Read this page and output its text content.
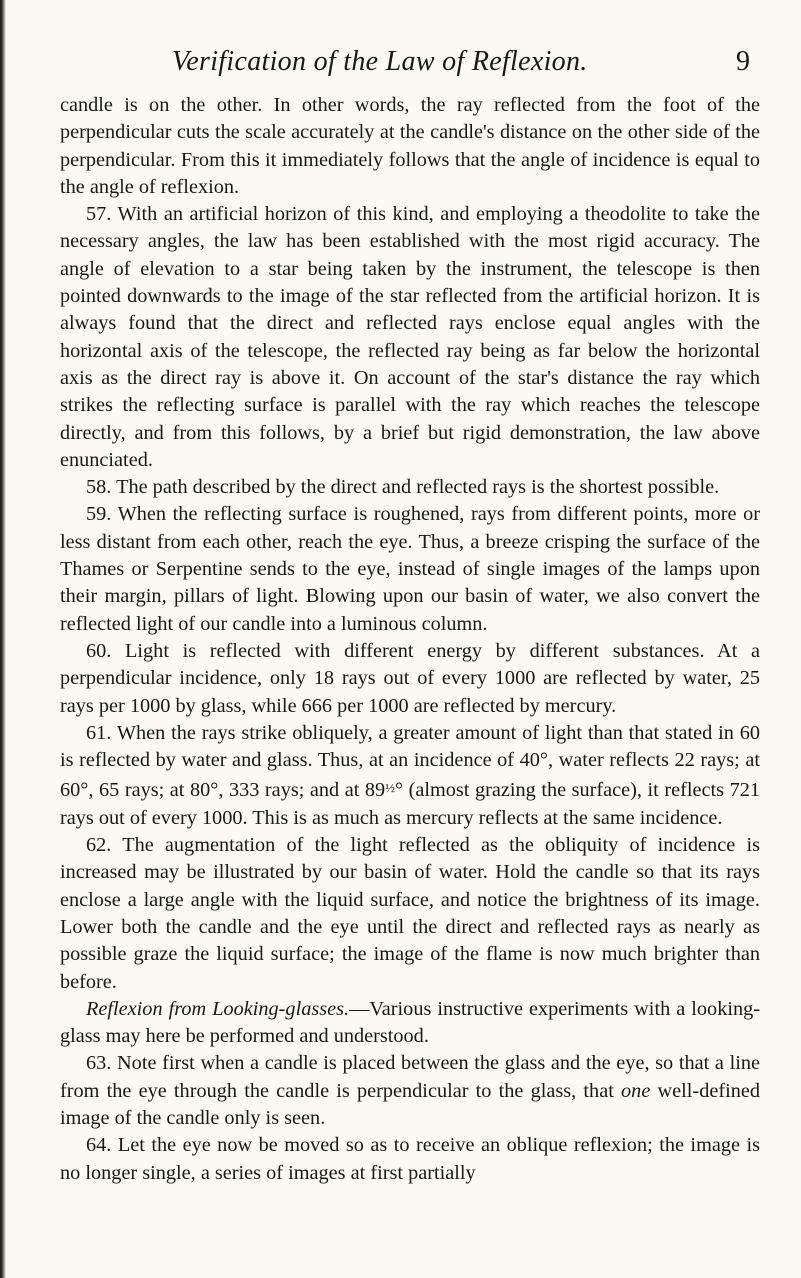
Verification of the Law of Reflexion.	9

candle is on the other. In other words, the ray reflected from the foot of the perpendicular cuts the scale accurately at the candle's distance on the other side of the perpendicular. From this it immediately follows that the angle of incidence is equal to the angle of reflexion.

57. With an artificial horizon of this kind, and employing a theodolite to take the necessary angles, the law has been established with the most rigid accuracy. The angle of elevation to a star being taken by the instrument, the telescope is then pointed downwards to the image of the star reflected from the artificial horizon. It is always found that the direct and reflected rays enclose equal angles with the horizontal axis of the telescope, the reflected ray being as far below the horizontal axis as the direct ray is above it. On account of the star's distance the ray which strikes the reflecting surface is parallel with the ray which reaches the telescope directly, and from this follows, by a brief but rigid demonstration, the law above enunciated.

58. The path described by the direct and reflected rays is the shortest possible.

59. When the reflecting surface is roughened, rays from different points, more or less distant from each other, reach the eye. Thus, a breeze crisping the surface of the Thames or Serpentine sends to the eye, instead of single images of the lamps upon their margin, pillars of light. Blowing upon our basin of water, we also convert the reflected light of our candle into a luminous column.

60. Light is reflected with different energy by different substances. At a perpendicular incidence, only 18 rays out of every 1000 are reflected by water, 25 rays per 1000 by glass, while 666 per 1000 are reflected by mercury.

61. When the rays strike obliquely, a greater amount of light than that stated in 60 is reflected by water and glass. Thus, at an incidence of 40°, water reflects 22 rays; at 60°, 65 rays; at 80°, 333 rays; and at 89½° (almost grazing the surface), it reflects 721 rays out of every 1000. This is as much as mercury reflects at the same incidence.

62. The augmentation of the light reflected as the obliquity of incidence is increased may be illustrated by our basin of water. Hold the candle so that its rays enclose a large angle with the liquid surface, and notice the brightness of its image. Lower both the candle and the eye until the direct and reflected rays as nearly as possible graze the liquid surface; the image of the flame is now much brighter than before.

Reflexion from Looking-glasses.—Various instructive experiments with a looking-glass may here be performed and understood.

63. Note first when a candle is placed between the glass and the eye, so that a line from the eye through the candle is perpendicular to the glass, that one well-defined image of the candle only is seen.

64. Let the eye now be moved so as to receive an oblique reflexion; the image is no longer single, a series of images at first partially
